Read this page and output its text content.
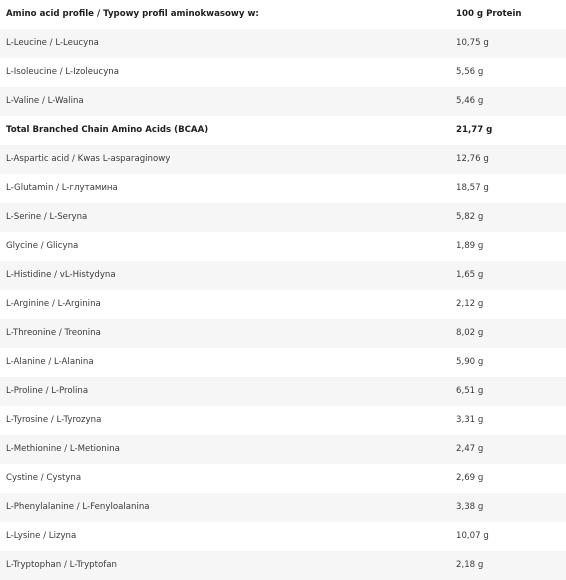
Amino acid profile / Typowy profil aminokwasowy w:	100 g Protein
L-Leucine / L-Leucyna	10,75 g
L-Isoleucine / L-Izoleucyna	5,56 g
L-Valine / L-Walina	5,46 g
Total Branched Chain Amino Acids (BCAA)	21,77 g
L-Aspartic acid / Kwas L-asparaginowy	12,76 g
L-Glutamin / L-глутамина	18,57 g
L-Serine / L-Seryna	5,82 g
Glycine / Glicyna	1,89 g
L-Histidine / vL-Histydyna	1,65 g
L-Arginine / L-Arginina	2,12 g
L-Threonine / Treonina	8,02 g
L-Alanine / L-Alanina	5,90 g
L-Proline / L-Prolina	6,51 g
L-Tyrosine / L-Tyrozyna	3,31 g
L-Methionine / L-Metionina	2,47 g
Cystine / Cystyna	2,69 g
L-Phenylalanine / L-Fenyloalanina	3,38 g
L-Lysine / Lizyna	10,07 g
L-Tryptophan / L-Tryptofan	2,18 g
